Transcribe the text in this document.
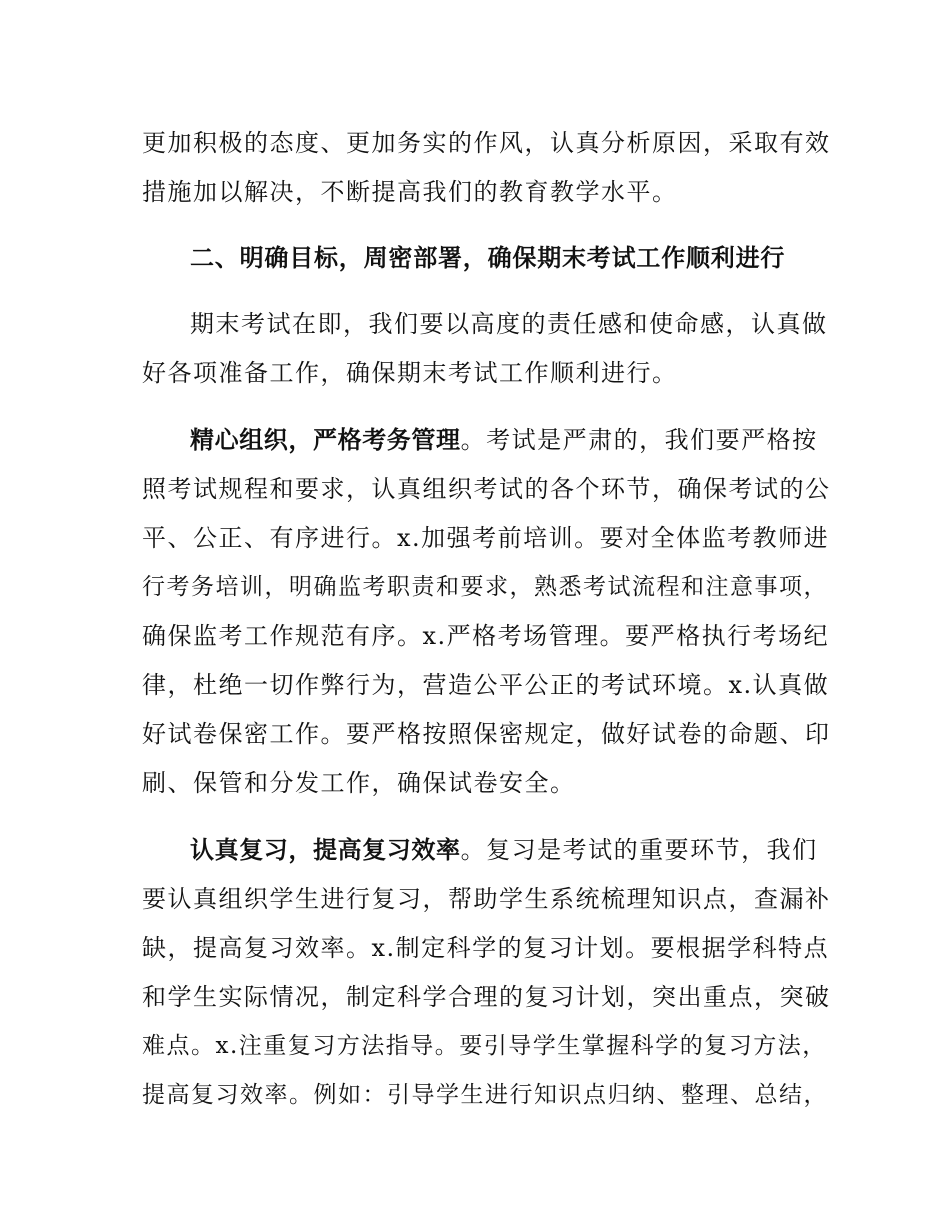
更加积极的态度、更加务实的作风，认真分析原因，采取有效
措施加以解决，不断提高我们的教育教学水平。
二、明确目标，周密部署，确保期末考试工作顺利进行
期末考试在即，我们要以高度的责任感和使命感，认真做
好各项准备工作，确保期末考试工作顺利进行。
精心组织，严格考务管理。考试是严肃的，我们要严格按
照考试规程和要求，认真组织考试的各个环节，确保考试的公
平、公正、有序进行。x.加强考前培训。要对全体监考教师进
行考务培训，明确监考职责和要求，熟悉考试流程和注意事项，
确保监考工作规范有序。x.严格考场管理。要严格执行考场纪
律，杜绝一切作弊行为，营造公平公正的考试环境。x.认真做
好试卷保密工作。要严格按照保密规定，做好试卷的命题、印
刷、保管和分发工作，确保试卷安全。
认真复习，提高复习效率。复习是考试的重要环节，我们
要认真组织学生进行复习，帮助学生系统梳理知识点，查漏补
缺，提高复习效率。x.制定科学的复习计划。要根据学科特点
和学生实际情况，制定科学合理的复习计划，突出重点，突破
难点。x.注重复习方法指导。要引导学生掌握科学的复习方法，
提高复习效率。例如：引导学生进行知识点归纳、整理、总结，
